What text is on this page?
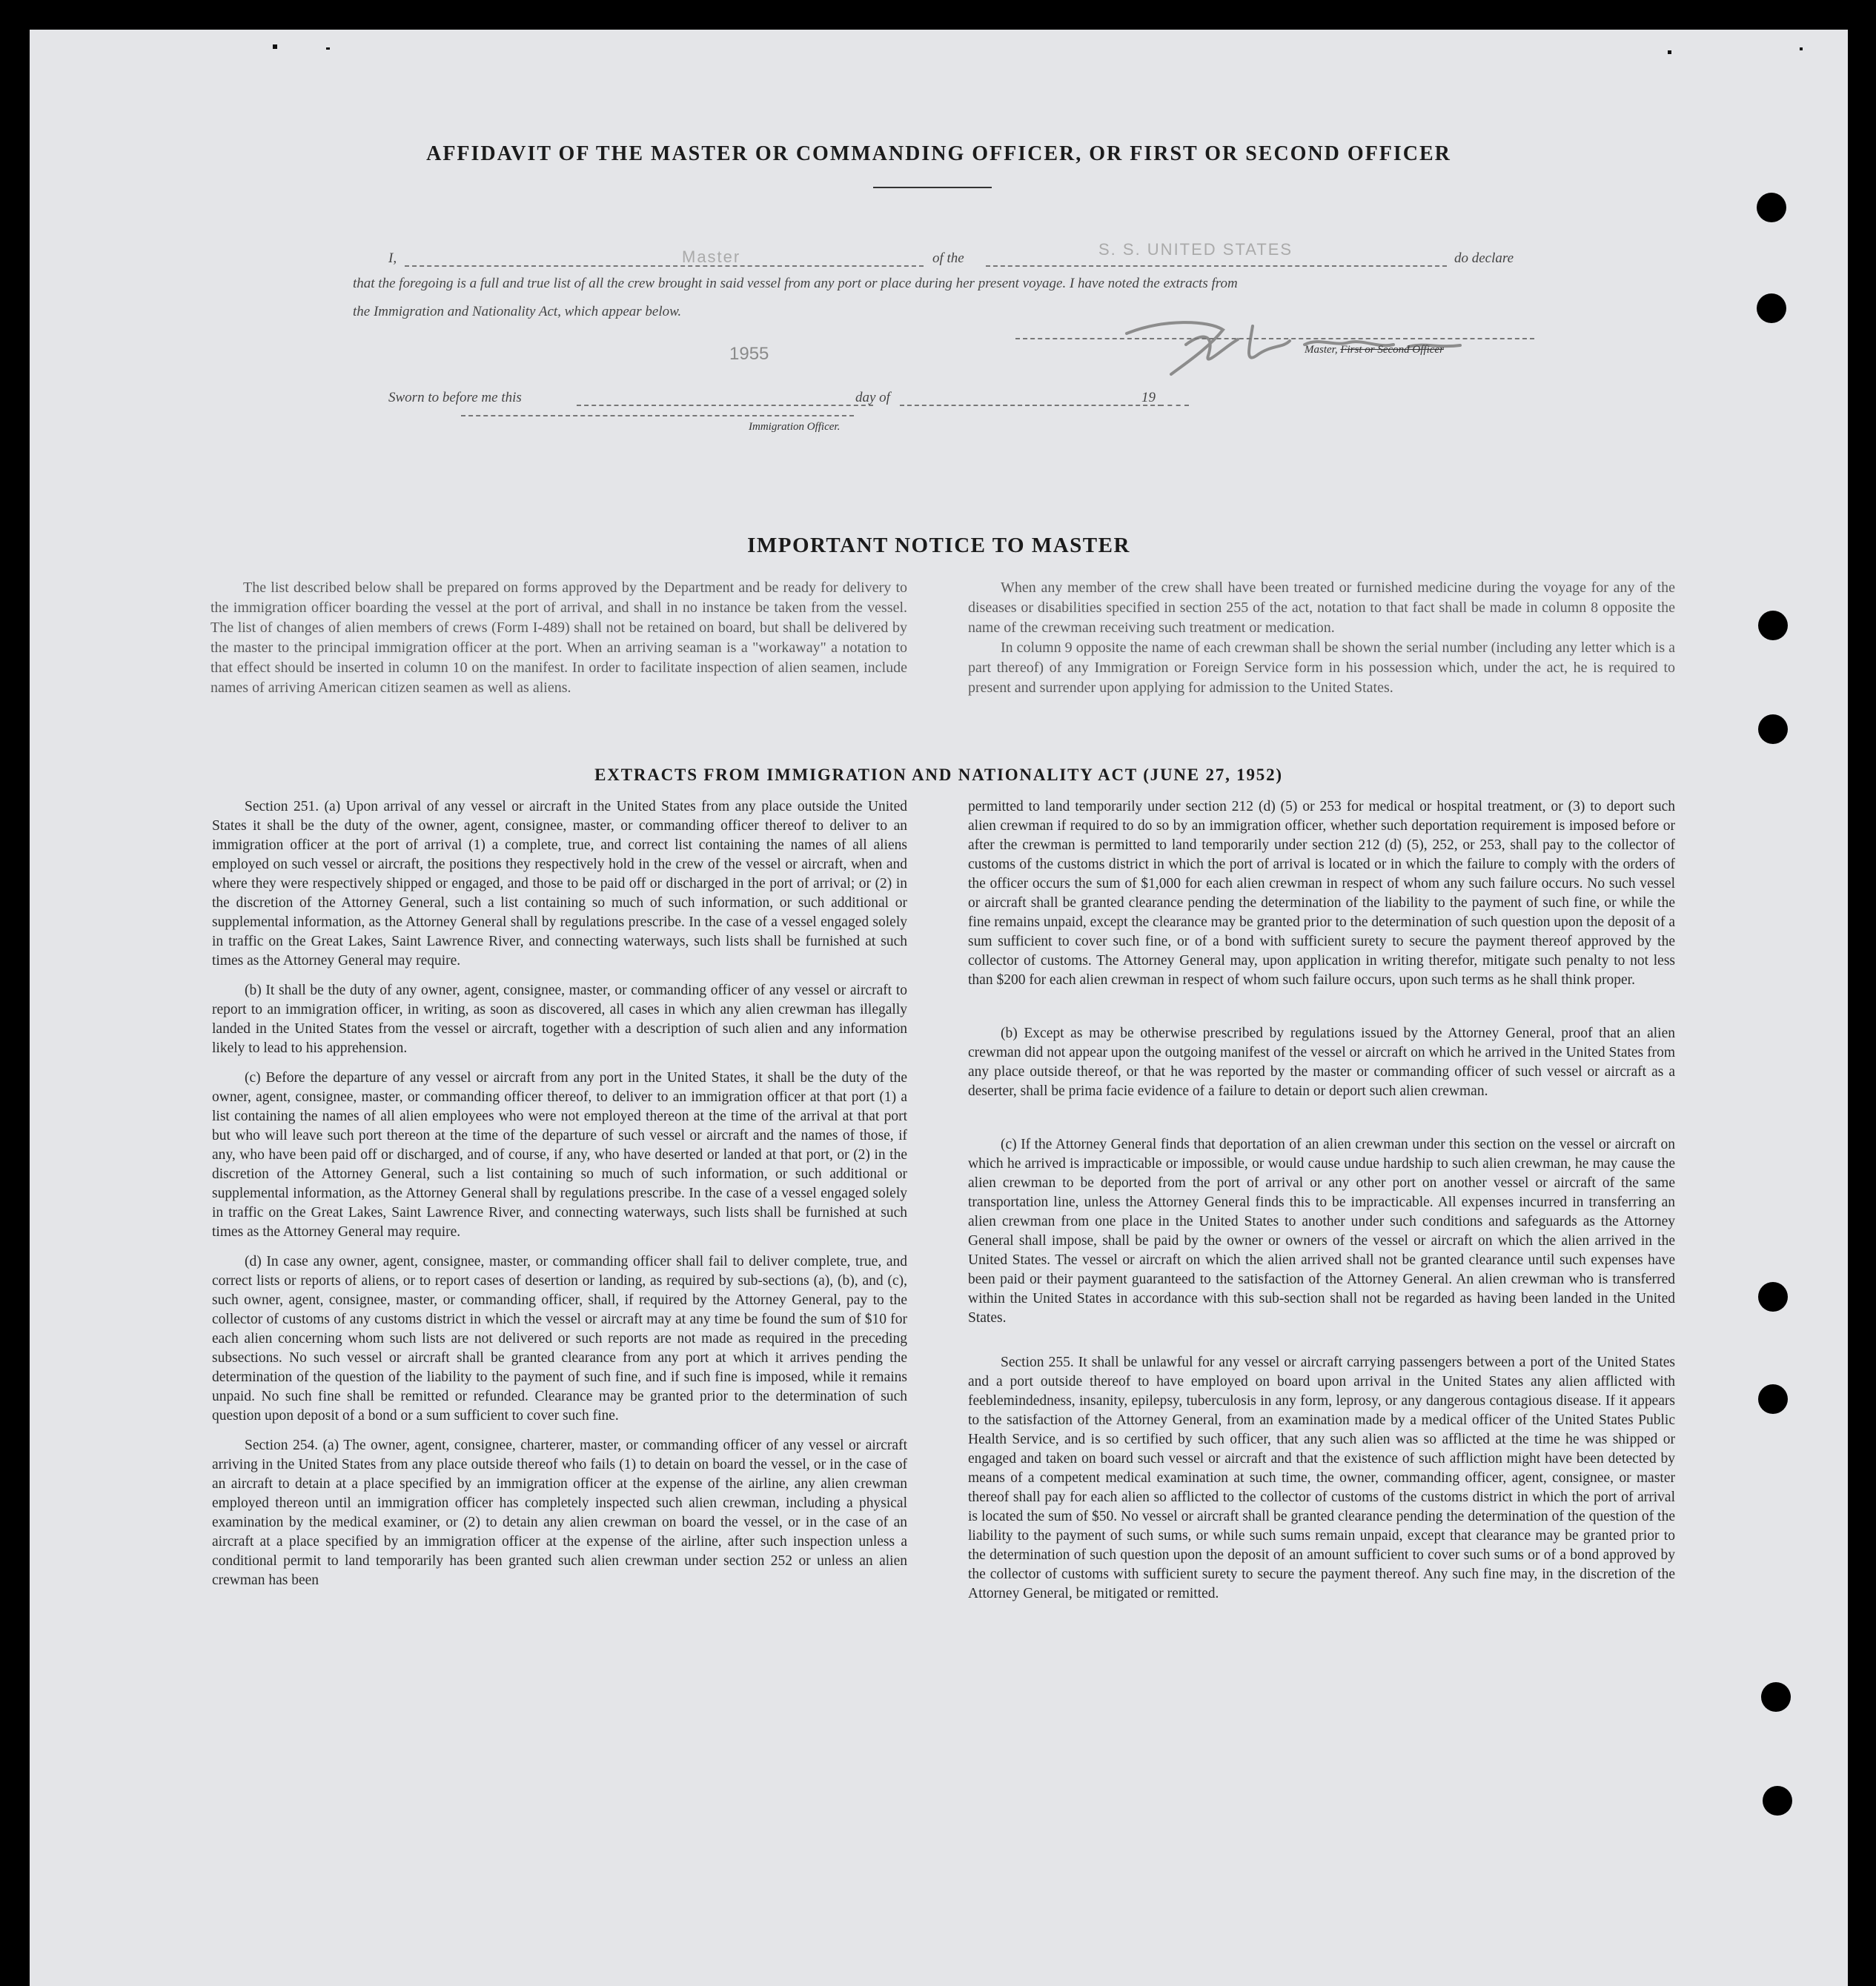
AFFIDAVIT OF THE MASTER OR COMMANDING OFFICER, OR FIRST OR SECOND OFFICER
I,	Master	of the	S. S. UNITED STATES	do declare
that the foregoing is a full and true list of all the crew brought in said vessel from any port or place during her present voyage. I have noted the extracts from
the Immigration and Nationality Act, which appear below.
Master, First or Second Officer
Sworn to before me this
1955
day of	19
Immigration Officer.
IMPORTANT NOTICE TO MASTER

The list described below shall be prepared on forms approved by the Department and be ready for delivery to the immigration officer boarding the vessel at the port of arrival, and shall in no instance be taken from the vessel. The list of changes of alien members of crews (Form I-489) shall not be retained on board, but shall be delivered by the master to the principal immigration officer at the port. When an arriving seaman is a "workaway" a notation to that effect should be inserted in column 10 on the manifest. In order to facilitate inspection of alien seamen, include names of arriving American citizen seamen as well as aliens.

When any member of the crew shall have been treated or furnished medicine during the voyage for any of the diseases or disabilities specified in section 255 of the act, notation to that fact shall be made in column 8 opposite the name of the crewman receiving such treatment or medication.

In column 9 opposite the name of each crewman shall be shown the serial number (including any letter which is a part thereof) of any Immigration or Foreign Service form in his possession which, under the act, he is required to present and surrender upon applying for admission to the United States.

EXTRACTS FROM IMMIGRATION AND NATIONALITY ACT (JUNE 27, 1952)

Section 251. (a) Upon arrival of any vessel or aircraft in the United States from any place outside the United States it shall be the duty of the owner, agent, consignee, master, or commanding officer thereof to deliver to an immigration officer at the port of arrival (1) a complete, true, and correct list containing the names of all aliens employed on such vessel or aircraft, the positions they respectively hold in the crew of the vessel or aircraft, when and where they were respectively shipped or engaged, and those to be paid off or discharged in the port of arrival; or (2) in the discretion of the Attorney General, such a list containing so much of such information, or such additional or supplemental information, as the Attorney General shall by regulations prescribe. In the case of a vessel engaged solely in traffic on the Great Lakes, Saint Lawrence River, and connecting waterways, such lists shall be furnished at such times as the Attorney General may require.

(b) It shall be the duty of any owner, agent, consignee, master, or commanding officer of any vessel or aircraft to report to an immigration officer, in writing, as soon as discovered, all cases in which any alien crewman has illegally landed in the United States from the vessel or aircraft, together with a description of such alien and any information likely to lead to his apprehension.

(c) Before the departure of any vessel or aircraft from any port in the United States, it shall be the duty of the owner, agent, consignee, master, or commanding officer thereof, to deliver to an immigration officer at that port (1) a list containing the names of all alien employees who were not employed thereon at the time of the arrival at that port but who will leave such port thereon at the time of the departure of such vessel or aircraft and the names of those, if any, who have been paid off or discharged, and of course, if any, who have deserted or landed at that port, or (2) in the discretion of the Attorney General, such a list containing so much of such information, or such additional or supplemental information, as the Attorney General shall by regulations prescribe. In the case of a vessel engaged solely in traffic on the Great Lakes, Saint Lawrence River, and connecting waterways, such lists shall be furnished at such times as the Attorney General may require.

(d) In case any owner, agent, consignee, master, or commanding officer shall fail to deliver complete, true, and correct lists or reports of aliens, or to report cases of desertion or landing, as required by sub-sections (a), (b), and (c), such owner, agent, consignee, master, or commanding officer, shall, if required by the Attorney General, pay to the collector of customs of any customs district in which the vessel or aircraft may at any time be found the sum of $10 for each alien concerning whom such lists are not delivered or such reports are not made as required in the preceding subsections. No such vessel or aircraft shall be granted clearance from any port at which it arrives pending the determination of the question of the liability to the payment of such fine, and if such fine is imposed, while it remains unpaid. No such fine shall be remitted or refunded. Clearance may be granted prior to the determination of such question upon deposit of a bond or a sum sufficient to cover such fine.

Section 254. (a) The owner, agent, consignee, charterer, master, or commanding officer of any vessel or aircraft arriving in the United States from any place outside thereof who fails (1) to detain on board the vessel, or in the case of an aircraft to detain at a place specified by an immigration officer at the expense of the airline, any alien crewman employed thereon until an immigration officer has completely inspected such alien crewman, including a physical examination by the medical examiner, or (2) to detain any alien crewman on board the vessel, or in the case of an aircraft at a place specified by an immigration officer at the expense of the airline, after such inspection unless a conditional permit to land temporarily has been granted such alien crewman under section 252 or unless an alien crewman has been

permitted to land temporarily under section 212 (d) (5) or 253 for medical or hospital treatment, or (3) to deport such alien crewman if required to do so by an immigration officer, whether such deportation requirement is imposed before or after the crewman is permitted to land temporarily under section 212 (d) (5), 252, or 253, shall pay to the collector of customs of the customs district in which the port of arrival is located or in which the failure to comply with the orders of the officer occurs the sum of $1,000 for each alien crewman in respect of whom any such failure occurs. No such vessel or aircraft shall be granted clearance pending the determination of the liability to the payment of such fine, or while the fine remains unpaid, except the clearance may be granted prior to the determination of such question upon the deposit of a sum sufficient to cover such fine, or of a bond with sufficient surety to secure the payment thereof approved by the collector of customs. The Attorney General may, upon application in writing therefor, mitigate such penalty to not less than $200 for each alien crewman in respect of whom such failure occurs, upon such terms as he shall think proper.

(b) Except as may be otherwise prescribed by regulations issued by the Attorney General, proof that an alien crewman did not appear upon the outgoing manifest of the vessel or aircraft on which he arrived in the United States from any place outside thereof, or that he was reported by the master or commanding officer of such vessel or aircraft as a deserter, shall be prima facie evidence of a failure to detain or deport such alien crewman.

(c) If the Attorney General finds that deportation of an alien crewman under this section on the vessel or aircraft on which he arrived is impracticable or impossible, or would cause undue hardship to such alien crewman, he may cause the alien crewman to be deported from the port of arrival or any other port on another vessel or aircraft of the same transportation line, unless the Attorney General finds this to be impracticable. All expenses incurred in transferring an alien crewman from one place in the United States to another under such conditions and safeguards as the Attorney General shall impose, shall be paid by the owner or owners of the vessel or aircraft on which the alien arrived in the United States. The vessel or aircraft on which the alien arrived shall not be granted clearance until such expenses have been paid or their payment guaranteed to the satisfaction of the Attorney General. An alien crewman who is transferred within the United States in accordance with this sub-section shall not be regarded as having been landed in the United States.

Section 255. It shall be unlawful for any vessel or aircraft carrying passengers between a port of the United States and a port outside thereof to have employed on board upon arrival in the United States any alien afflicted with feeblemindedness, insanity, epilepsy, tuberculosis in any form, leprosy, or any dangerous contagious disease. If it appears to the satisfaction of the Attorney General, from an examination made by a medical officer of the United States Public Health Service, and is so certified by such officer, that any such alien was so afflicted at the time he was shipped or engaged and taken on board such vessel or aircraft and that the existence of such affliction might have been detected by means of a competent medical examination at such time, the owner, commanding officer, agent, consignee, or master thereof shall pay for each alien so afflicted to the collector of customs of the customs district in which the port of arrival is located the sum of $50. No vessel or aircraft shall be granted clearance pending the determination of the question of the liability to the payment of such sums, or while such sums remain unpaid, except that clearance may be granted prior to the determination of such question upon the deposit of an amount sufficient to cover such sums or of a bond approved by the collector of customs with sufficient surety to secure the payment thereof. Any such fine may, in the discretion of the Attorney General, be mitigated or remitted.
